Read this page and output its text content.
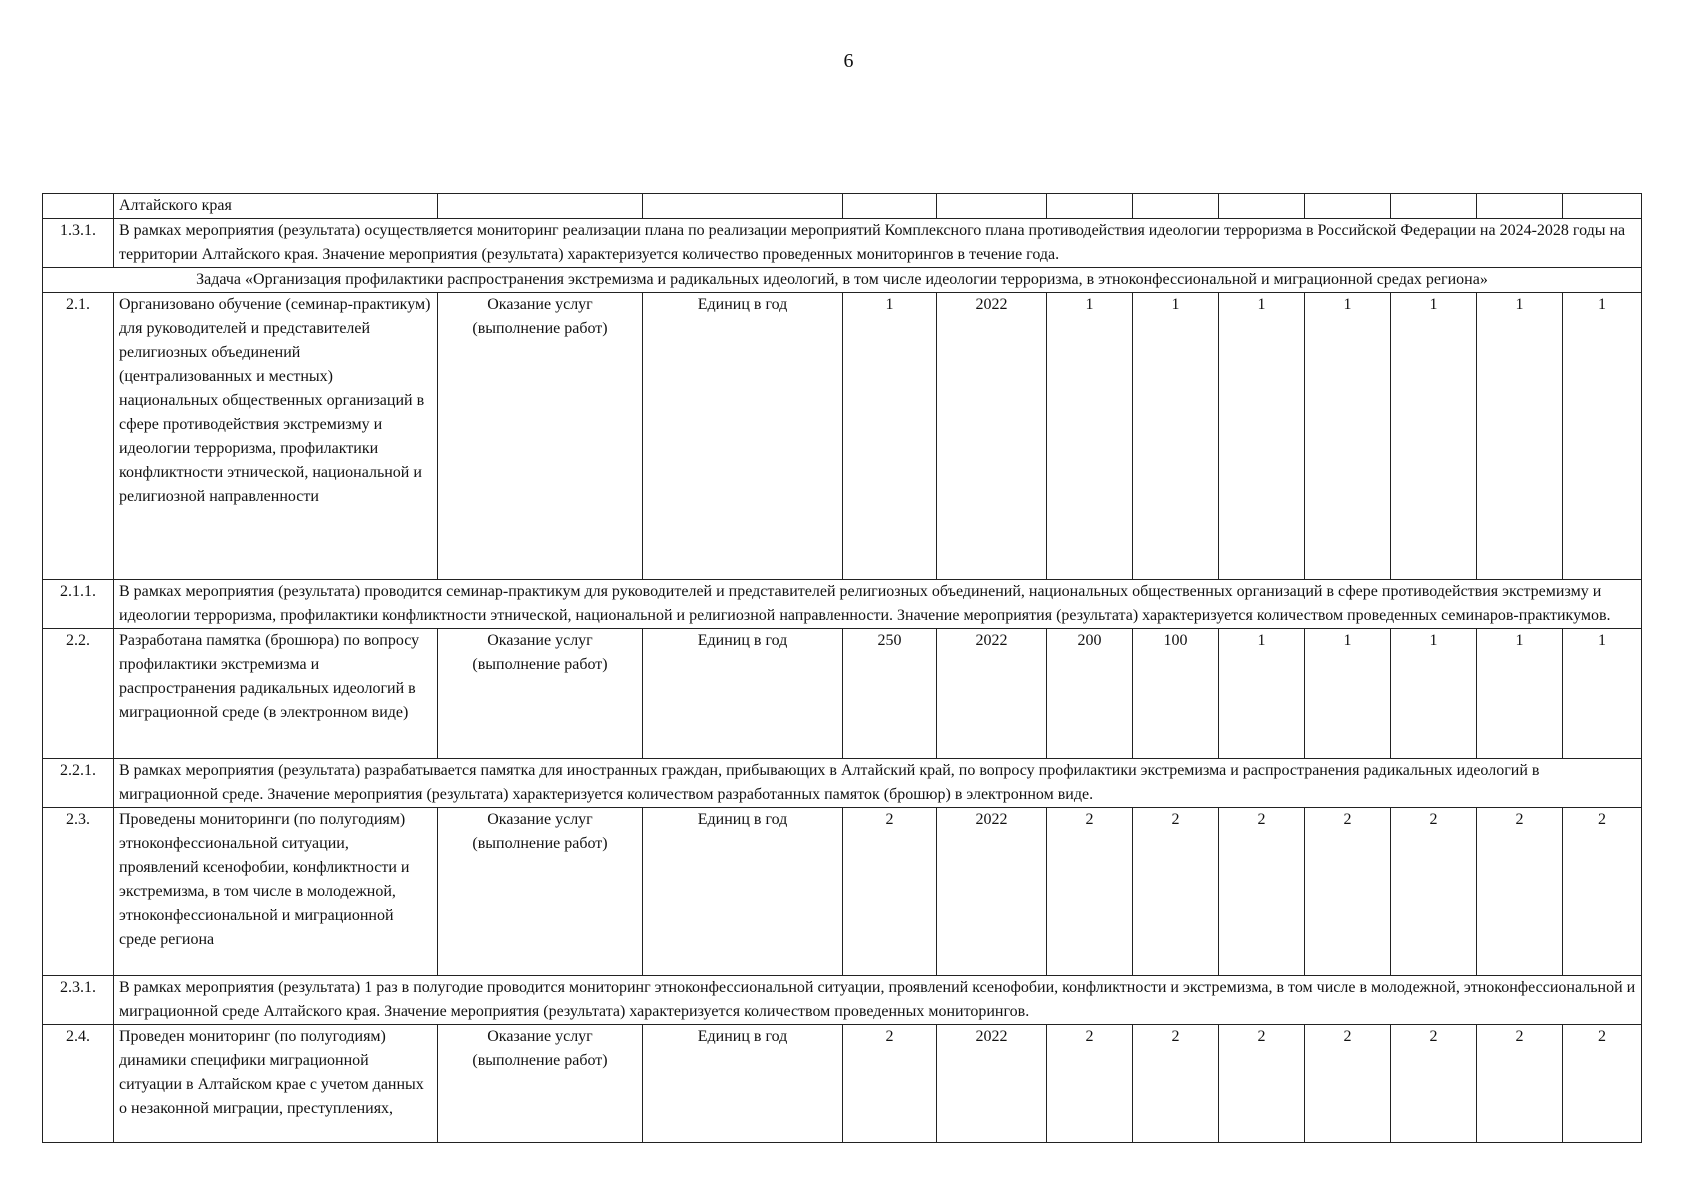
6
	Алтайского края											
1.3.1.	В рамках мероприятия (результата) осуществляется мониторинг реализации плана по реализации мероприятий Комплексного плана противодействия идеологии терроризма в Российской Федерации на 2024-2028 годы на территории Алтайского края. Значение мероприятия (результата) характеризуется количество проведенных мониторингов в течение года.											
Задача «Организация профилактики распространения экстремизма и радикальных идеологий, в том числе идеологии терроризма, в этноконфессиональной и миграционной средах региона»												
2.1.	Организовано обучение (семинар-практикум) для руководителей и представителей религиозных объединений (централизованных и местных) национальных общественных организаций в сфере противодействия экстремизму и идеологии терроризма, профилактики конфликтности этнической, национальной и религиозной направленности	Оказание услуг (выполнение работ)	Единиц в год	1	2022	1	1	1	1	1	1	1
2.1.1.	В рамках мероприятия (результата) проводится семинар-практикум для руководителей и представителей религиозных объединений, национальных общественных организаций в сфере противодействия экстремизму и идеологии терроризма, профилактики конфликтности этнической, национальной и религиозной направленности. Значение мероприятия (результата) характеризуется количеством проведенных семинаров-практикумов.											
2.2.	Разработана памятка (брошюра) по вопросу профилактики экстремизма и распространения радикальных идеологий в миграционной среде (в электронном виде)	Оказание услуг (выполнение работ)	Единиц в год	250	2022	200	100	1	1	1	1	1
2.2.1.	В рамках мероприятия (результата) разрабатывается памятка для иностранных граждан, прибывающих в Алтайский край, по вопросу профилактики экстремизма и распространения радикальных идеологий в миграционной среде. Значение мероприятия (результата) характеризуется количеством разработанных памяток (брошюр) в электронном виде.											
2.3.	Проведены мониторинги (по полугодиям) этноконфессиональной ситуации, проявлений ксенофобии, конфликтности и экстремизма, в том числе в молодежной, этноконфессиональной и миграционной среде региона	Оказание услуг (выполнение работ)	Единиц в год	2	2022	2	2	2	2	2	2	2
2.3.1.	В рамках мероприятия (результата) 1 раз в полугодие проводится мониторинг этноконфессиональной ситуации, проявлений ксенофобии, конфликтности и экстремизма, в том числе в молодежной, этноконфессиональной и миграционной среде Алтайского края. Значение мероприятия (результата) характеризуется количеством проведенных мониторингов.											
2.4.	Проведен мониторинг (по полугодиям) динамики специфики миграционной ситуации в Алтайском крае с учетом данных о незаконной миграции, преступлениях,	Оказание услуг (выполнение работ)	Единиц в год	2	2022	2	2	2	2	2	2	2
